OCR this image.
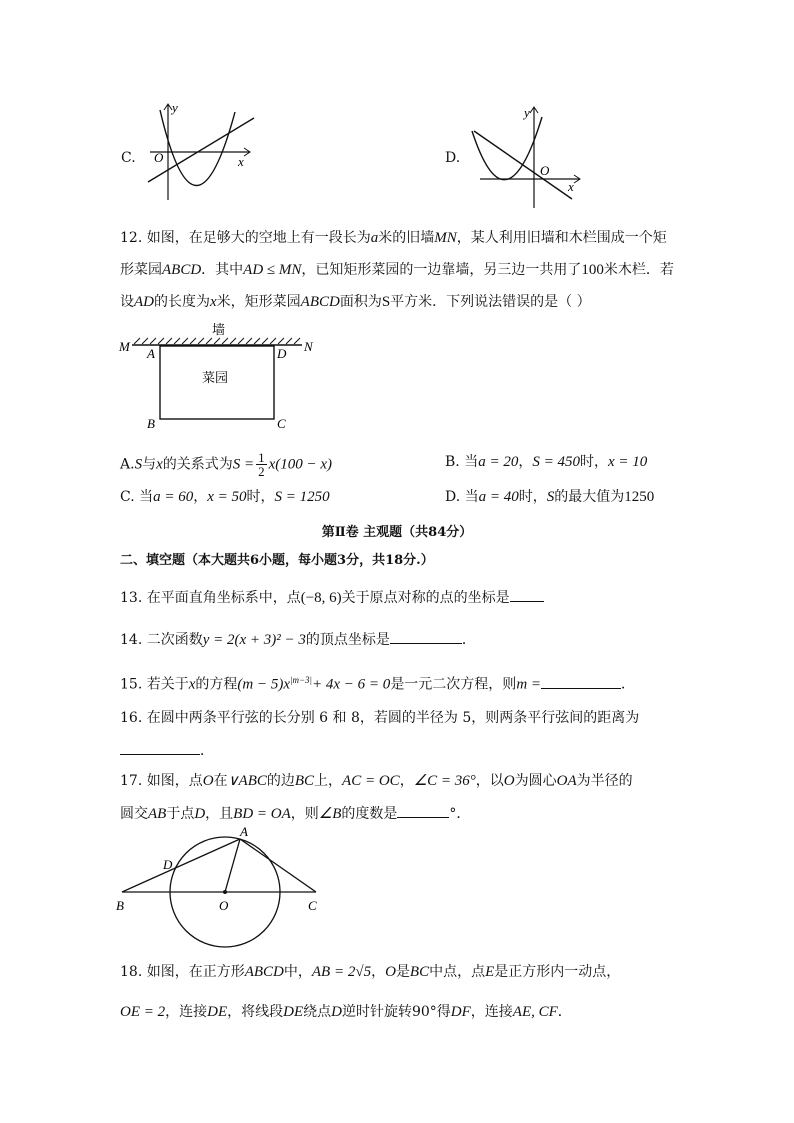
C.
y
x
O	D.
y
x
O
12. 如图，在足够大的空地上有一段长为a米的旧墙MN，某人利用旧墙和木栏围成一个矩
形菜园ABCD．其中AD ≤ MN，已知矩形菜园的一边靠墙，另三边一共用了100米木栏．若
设AD的长度为x米，矩形菜园ABCD面积为S平方米．下列说法错误的是（ ）
墙
M	N
A	D
B	C
菜园
A.S与x的关系式为$S = \frac{1}{2} x(100 - x)$	B. 当a = 20，S = 450时，x = 10
C. 当a = 60，x = 50时，S = 1250	D. 当a = 40时，S的最大值为1250
第Ⅱ卷 主观题（共84分）
二、填空题（本大题共6小题，每小题3分，共18分.）
13. 在平面直角坐标系中，点(−8, 6)关于原点对称的点的坐标是
14. 二次函数y = 2(x + 3)² − 3的顶点坐标是	．
15. 若关于x的方程$(m - 5)x^{|m-3|}+ 4x - 6 = 0$是一元二次方程，则m =	．
16. 在圆中两条平行弦的长分别 6 和 8，若圆的半径为 5，则两条平行弦间的距离为
．
17. 如图，点O在∨ABC的边BC上，AC = OC，∠C = 36°，以O为圆心OA为半径的
圆交AB于点D，且BD = OA，则∠B的度数是	°．
A
B	C
D
O
18. 如图，在正方形ABCD中，AB = 2√5，O是BC中点，点E是正方形内一动点，
OE = 2，连接DE，将线段DE绕点D逆时针旋转90°得DF，连接AE, CF．
